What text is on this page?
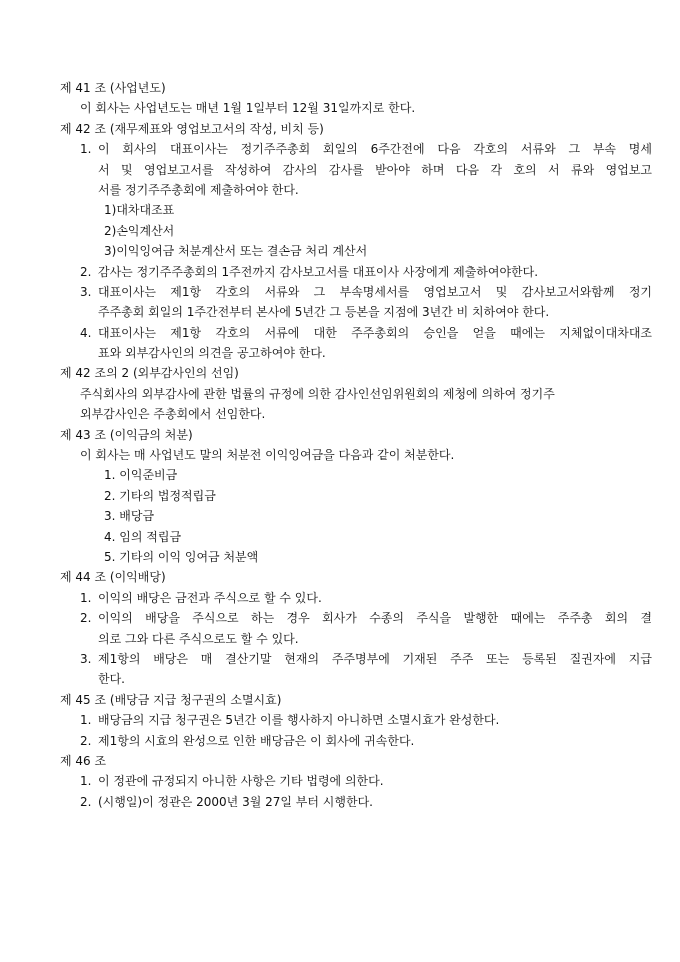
제 41 조 (사업년도)
이 회사는 사업년도는 매년 1월 1일부터 12월 31일까지로 한다.
제 42 조 (재무제표와 영업보고서의 작성, 비치 등)
1. 이 회사의 대표이사는 정기주주총회 회일의 6주간전에 다음 각호의 서류와 그 부속 명세
서 및 영업보고서를 작성하여 감사의 감사를 받아야 하며 다음 각 호의 서 류와 영업보고
서를 정기주주총회에 제출하여야 한다.
1)대차대조표
2)손익계산서
3)이익잉여금 처분계산서 또는 결손금 처리 계산서
2. 감사는 정기주주총회의 1주전까지 감사보고서를 대표이사 사장에게 제출하여야한다.
3. 대표이사는 제1항 각호의 서류와 그 부속명세서를 영업보고서 및 감사보고서와함께 정기
주주총회 회일의 1주간전부터 본사에 5년간 그 등본을 지점에 3년간 비 치하여야 한다.
4. 대표이사는 제1항 각호의 서류에 대한 주주총회의 승인을 얻을 때에는 지체없이대차대조
표와 외부감사인의 의견을 공고하여야 한다.
제 42 조의 2 (외부감사인의 선임)
주식회사의 외부감사에 관한 법률의 규정에 의한 감사인선임위원회의 제청에 의하여 정기주
외부감사인은 주총회에서 선임한다.
제 43 조 (이익금의 처분)
이 회사는 매 사업년도 말의 처분전 이익잉여금을 다음과 같이 처분한다.
1. 이익준비금
2. 기타의 법정적립금
3. 배당금
4. 임의 적립금
5. 기타의 이익 잉여금 처분액
제 44 조 (이익배당)
1. 이익의 배당은 금전과 주식으로 할 수 있다.
2. 이익의 배당을 주식으로 하는 경우 회사가 수종의 주식을 발행한 때에는 주주총 회의 결
의로 그와 다른 주식으로도 할 수 있다.
3. 제1항의 배당은 매 결산기말 현재의 주주명부에 기재된 주주 또는 등록된 질권자에 지급
한다.
제 45 조 (배당금 지급 청구권의 소멸시효)
1. 배당금의 지급 청구권은 5년간 이를 행사하지 아니하면 소멸시효가 완성한다.
2. 제1항의 시효의 완성으로 인한 배당금은 이 회사에 귀속한다.
제 46 조
1. 이 정관에 규정되지 아니한 사항은 기타 법령에 의한다.
2. (시행일)이 정관은 2000년 3월 27일 부터 시행한다.
